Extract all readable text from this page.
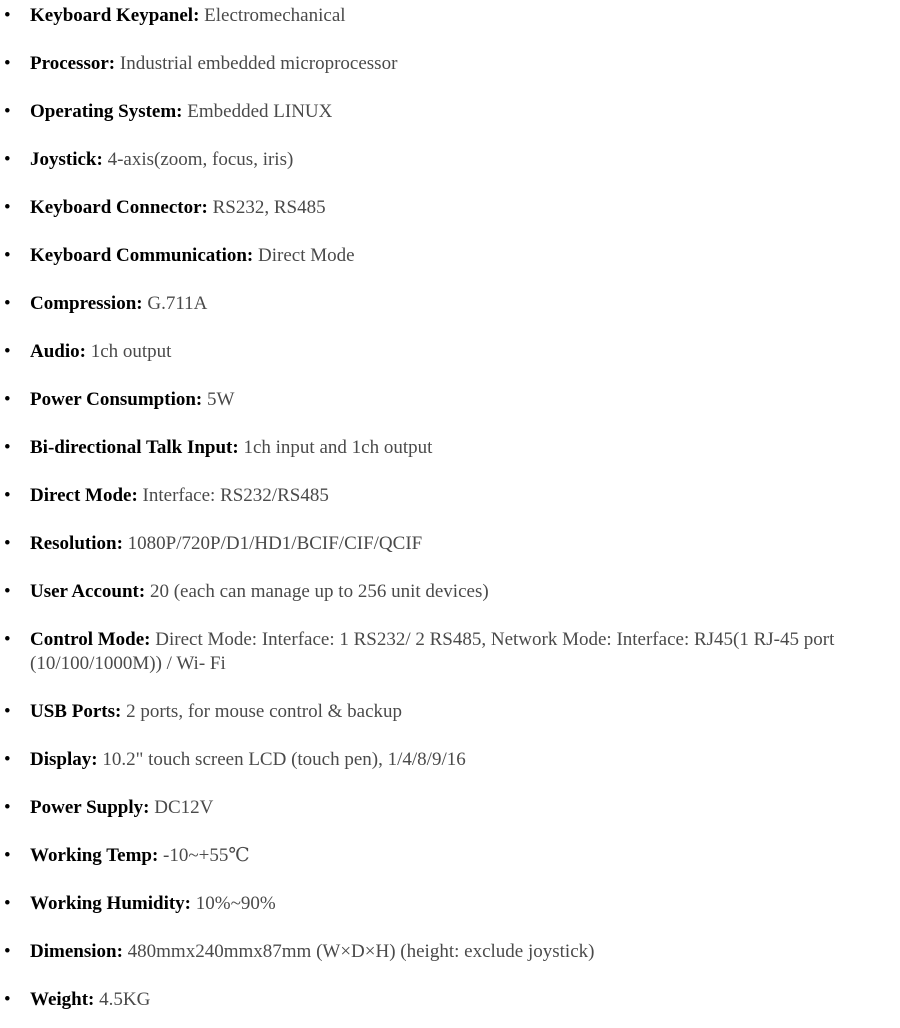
• Keyboard Keypanel: Electromechanical
• Processor: Industrial embedded microprocessor
• Operating System: Embedded LINUX
• Joystick: 4-axis(zoom, focus, iris)
• Keyboard Connector: RS232, RS485
• Keyboard Communication: Direct Mode
• Compression: G.711A
• Audio: 1ch output
• Power Consumption: 5W
• Bi-directional Talk Input: 1ch input and 1ch output
• Direct Mode: Interface: RS232/RS485
• Resolution: 1080P/720P/D1/HD1/BCIF/CIF/QCIF
• User Account: 20 (each can manage up to 256 unit devices)
• Control Mode: Direct Mode: Interface: 1 RS232/ 2 RS485, Network Mode: Interface: RJ45(1 RJ-45 port (10/100/1000M)) / Wi- Fi
• USB Ports: 2 ports, for mouse control & backup
• Display: 10.2" touch screen LCD (touch pen), 1/4/8/9/16
• Power Supply: DC12V
• Working Temp: -10~+55℃
• Working Humidity: 10%~90%
• Dimension: 480mmx240mmx87mm (W×D×H) (height: exclude joystick)
• Weight: 4.5KG
